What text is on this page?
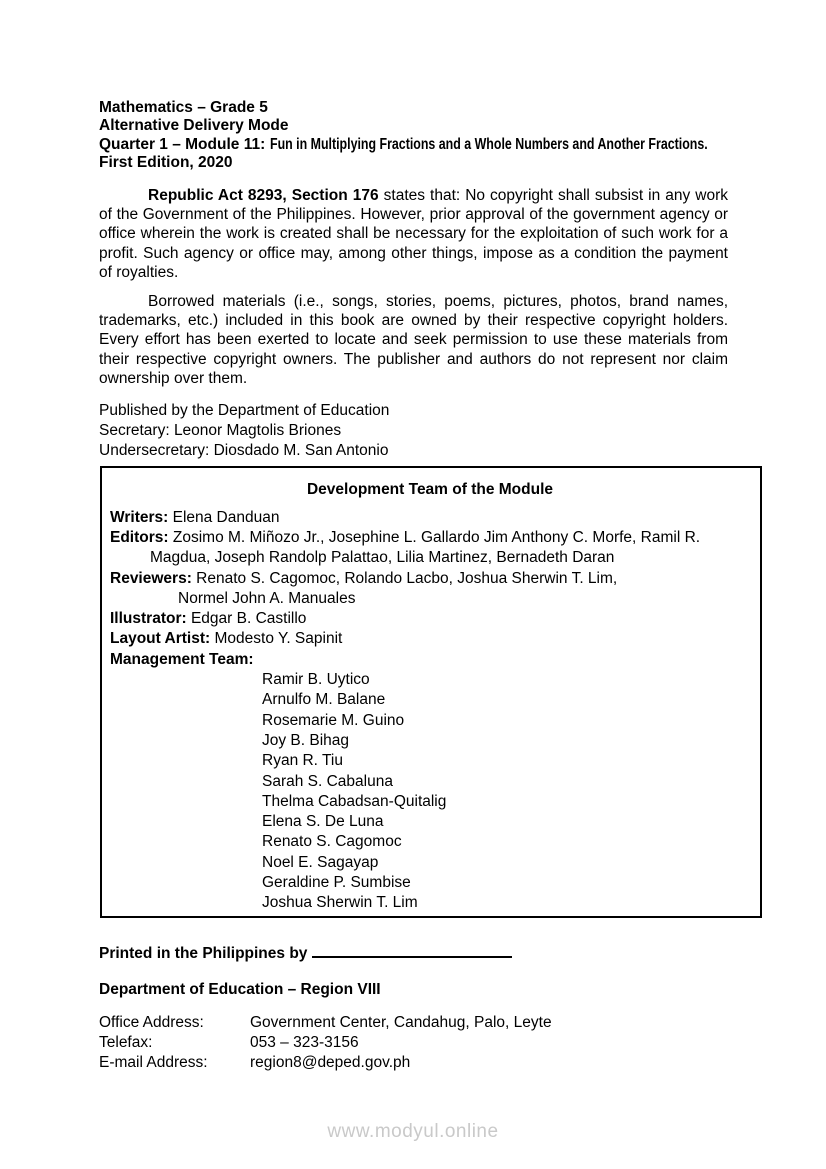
Mathematics – Grade 5
Alternative Delivery Mode
Quarter 1 – Module 11: Fun in Multiplying Fractions and a Whole Numbers and Another Fractions.
First Edition, 2020

Republic Act 8293, Section 176 states that: No copyright shall subsist in any work of the Government of the Philippines. However, prior approval of the government agency or office wherein the work is created shall be necessary for the exploitation of such work for a profit. Such agency or office may, among other things, impose as a condition the payment of royalties.

Borrowed materials (i.e., songs, stories, poems, pictures, photos, brand names, trademarks, etc.) included in this book are owned by their respective copyright holders. Every effort has been exerted to locate and seek permission to use these materials from their respective copyright owners. The publisher and authors do not represent nor claim ownership over them.

Published by the Department of Education
Secretary: Leonor Magtolis Briones
Undersecretary: Diosdado M. San Antonio
Development Team of the Module
Writers: Elena Danduan
Editors: Zosimo M. Miñozo Jr., Josephine L. Gallardo Jim Anthony C. Morfe, Ramil R.
Magdua, Joseph Randolp Palattao, Lilia Martinez, Bernadeth Daran
Reviewers: Renato S. Cagomoc, Rolando Lacbo, Joshua Sherwin T. Lim,
Normel John A. Manuales
Illustrator: Edgar B. Castillo
Layout Artist: Modesto Y. Sapinit
Management Team:
Ramir B. Uytico
Arnulfo M. Balane
Rosemarie M. Guino
Joy B. Bihag
Ryan R. Tiu
Sarah S. Cabaluna
Thelma Cabadsan-Quitalig
Elena S. De Luna
Renato S. Cagomoc
Noel E. Sagayap
Geraldine P. Sumbise
Joshua Sherwin T. Lim
Printed in the Philippines by
Department of Education – Region VIII
Office Address:	Government Center, Candahug, Palo, Leyte
Telefax:	053 – 323-3156
E-mail Address:	region8@deped.gov.ph
www.modyul.online
